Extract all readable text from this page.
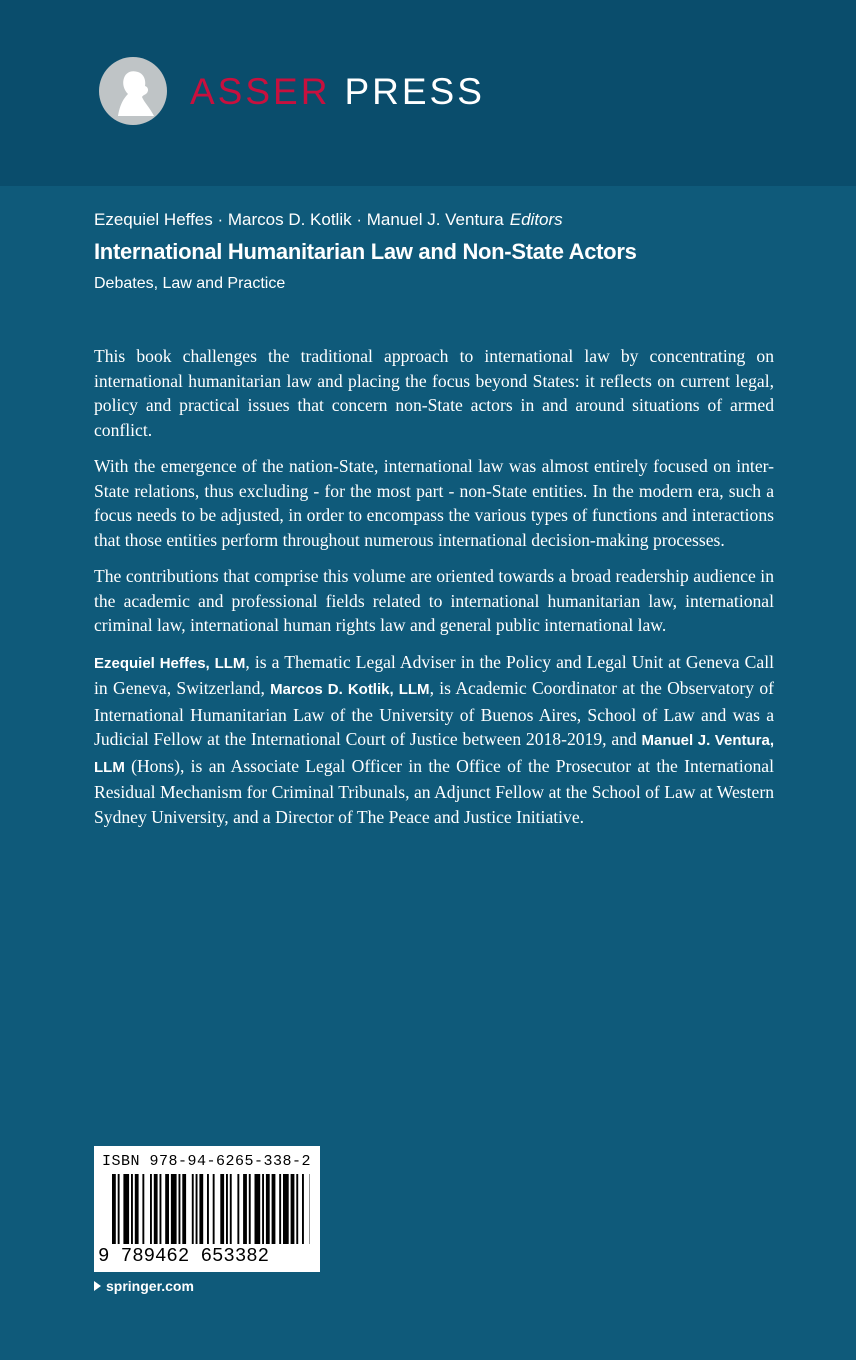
ASSER PRESS
Ezequiel Heffes · Marcos D. Kotlik · Manuel J. Ventura Editors
International Humanitarian Law and Non-State Actors
Debates, Law and Practice

This book challenges the traditional approach to international law by concentrating on international humanitarian law and placing the focus beyond States: it reflects on current legal, policy and practical issues that concern non-State actors in and around situations of armed conflict.

With the emergence of the nation-State, international law was almost entirely focused on inter-State relations, thus excluding - for the most part - non-State entities. In the modern era, such a focus needs to be adjusted, in order to encompass the various types of functions and interactions that those entities perform throughout numerous international decision-making processes.

The contributions that comprise this volume are oriented towards a broad readership audience in the academic and professional fields related to international humanitarian law, international criminal law, international human rights law and general public international law.

Ezequiel Heffes, LLM, is a Thematic Legal Adviser in the Policy and Legal Unit at Geneva Call in Geneva, Switzerland, Marcos D. Kotlik, LLM, is Academic Coordinator at the Observatory of International Humanitarian Law of the University of Buenos Aires, School of Law and was a Judicial Fellow at the International Court of Justice between 2018-2019, and Manuel J. Ventura, LLM (Hons), is an Associate Legal Officer in the Office of the Prosecutor at the International Residual Mechanism for Criminal Tribunals, an Adjunct Fellow at the School of Law at Western Sydney University, and a Director of The Peace and Justice Initiative.

ISBN 978-94-6265-338-2
9 789462 653382
springer.com
